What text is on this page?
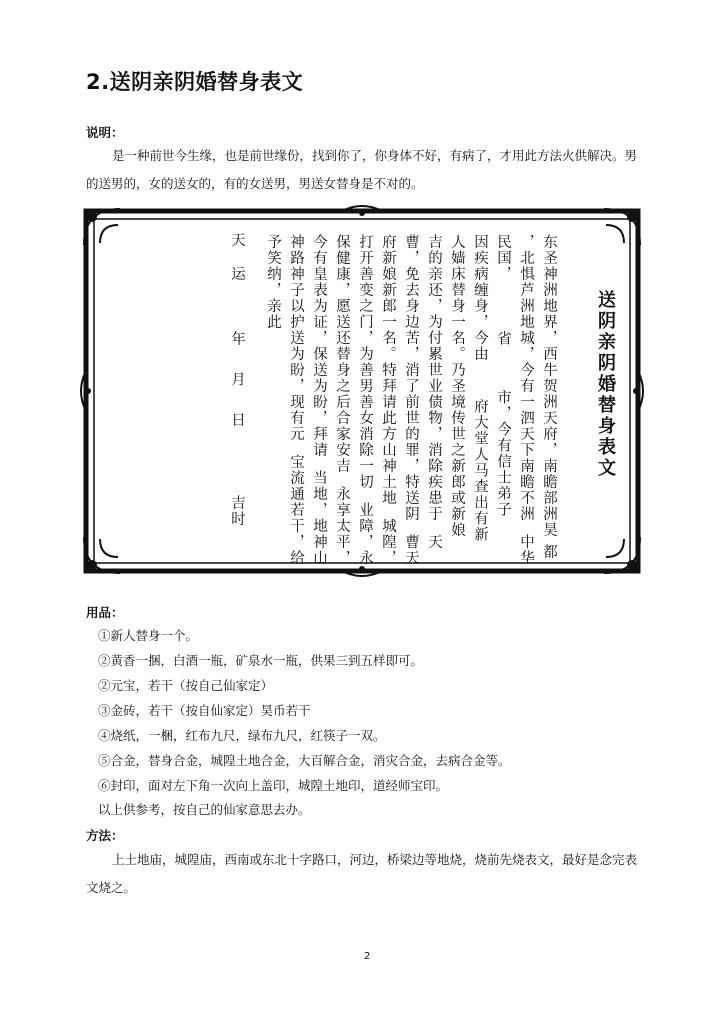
2.送阴亲阴婚替身表文
说明：
是一种前世今生缘，也是前世缘份，找到你了，你身体不好，有病了，才用此方法火供解决。男的送男的，女的送女的，有的女送男，男送女替身是不对的。
送阴亲阴婚替身表文
东圣神洲地界，西牛贺洲天府，南瞻部洲昊 都
，北惧芦洲地城，今有一泗天下南瞻不洲  中华
民国，        省       市，今有信士弟子
因疾病缠身，今由      府大堂人马查出有新
人嫱床替身一名。乃圣境传世之新郎或新娘
吉的亲还，为付累世业债物，消除疾患于  天
曹，免去身边苦，消了前世的罪，特送阴  曹天
府新娘新郎一名。特拜请此方山神土地  城隍，
打开善变之门，为善男善女消除一切  业障，永
保健康，愿送还替身之后合家安吉  永享太平，
今有皇表为证，保送为盼，拜请  当地，地神山
神路神子以护送为盼，现有元  宝流通若干，给
予笑纳，亲此
天   运        年    月    日           吉时
用品：
①新人替身一个。
②黄香一捆，白酒一瓶，矿泉水一瓶，供果三到五样即可。
②元宝，若干（按自己仙家定）
③金砖，若干（按自仙家定）昊币若干
④烧纸，一梱，红布九尺，绿布九尺，红筷子一双。
⑤合金，替身合金，城隍土地合金，大百解合金，消灾合金，去病合金等。
⑥封印，面对左下角一次向上盖印，城隍土地印，道经师宝印。
以上供参考，按自己的仙家意思去办。
方法：
上土地庙，城隍庙，西南或东北十字路口，河边，桥梁边等地烧，烧前先烧表文，最好是念完表文烧之。
2
